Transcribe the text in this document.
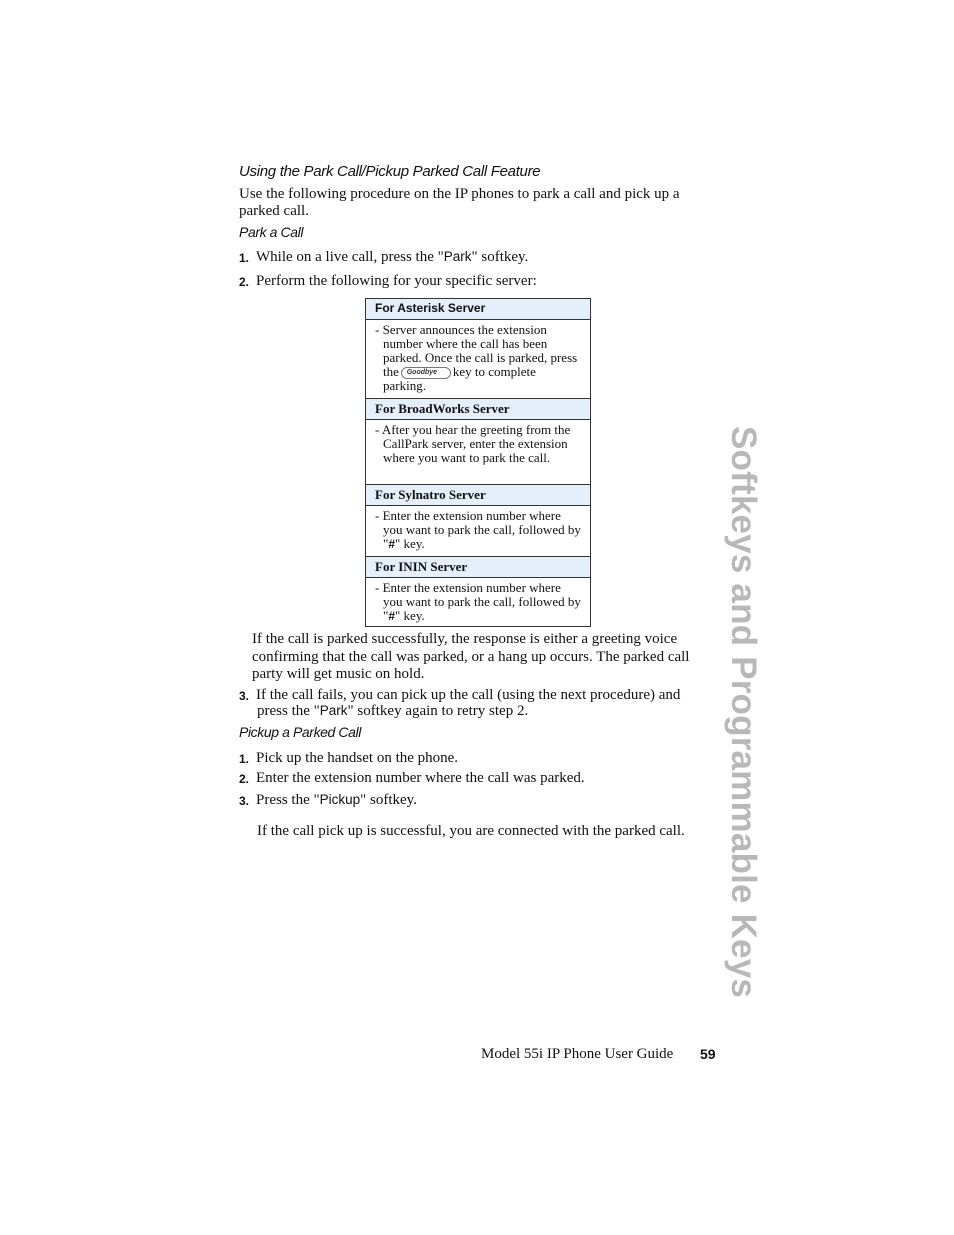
Using the Park Call/Pickup Parked Call Feature
Use the following procedure on the IP phones to park a call and pick up a parked call.
Park a Call
1. While on a live call, press the "Park" softkey.
2. Perform the following for your specific server:
For Asterisk Server
- Server announces the extension number where the call has been parked. Once the call is parked, press the Goodbye key to complete parking.
For BroadWorks Server
- After you hear the greeting from the CallPark server, enter the extension where you want to park the call.
For Sylnatro Server
- Enter the extension number where you want to park the call, followed by "#" key.
For ININ Server
- Enter the extension number where you want to park the call, followed by "#" key.
If the call is parked successfully, the response is either a greeting voice confirming that the call was parked, or a hang up occurs. The parked call party will get music on hold.
3. If the call fails, you can pick up the call (using the next procedure) and
press the "Park" softkey again to retry step 2.
Pickup a Parked Call
1. Pick up the handset on the phone.
2. Enter the extension number where the call was parked.
3. Press the "Pickup" softkey.
If the call pick up is successful, you are connected with the parked call. Softkeys and Programmable Keys
Model 55i IP Phone User Guide 59
